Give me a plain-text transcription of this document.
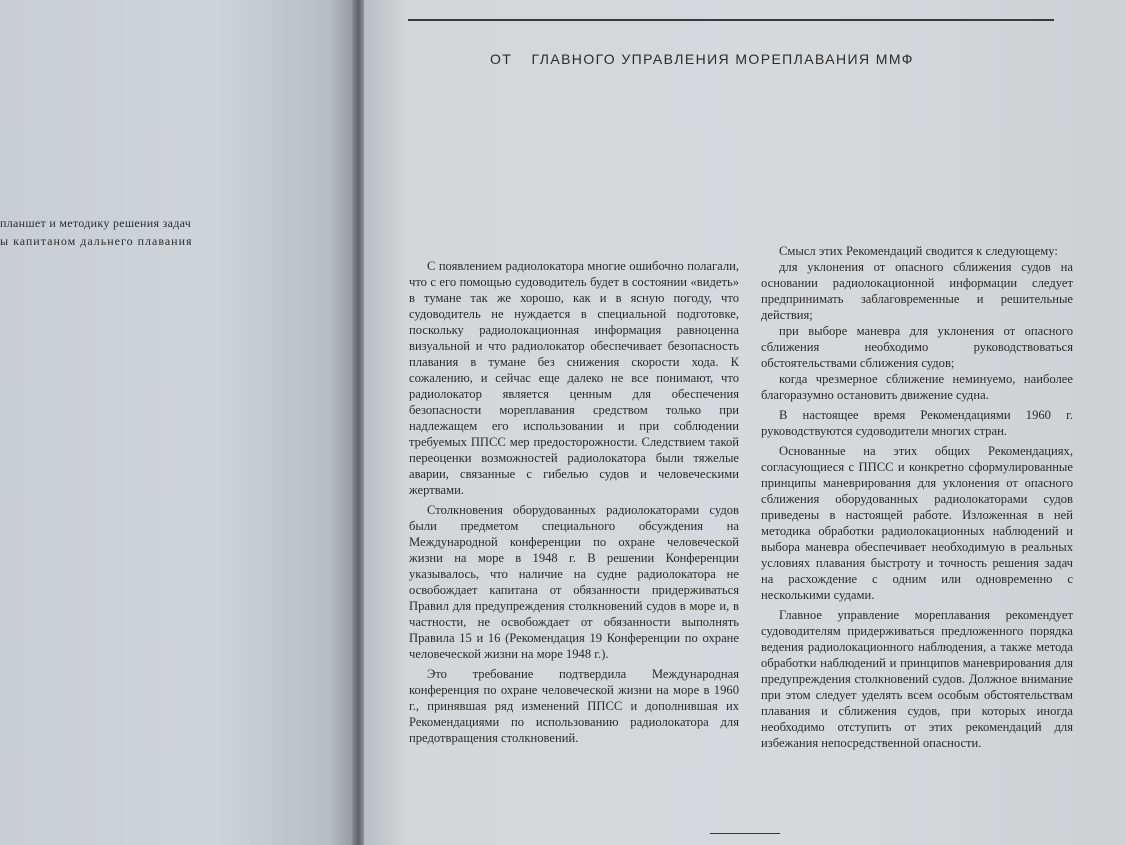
планшет и методику решения задач
ы капитаном дальнего плавания
ОТ ГЛАВНОГО УПРАВЛЕНИЯ МОРЕПЛАВАНИЯ ММФ

С появлением радиолокатора многие ошибочно полагали, что с его помощью судоводитель будет в состоянии «видеть» в тумане так же хорошо, как и в ясную погоду, что судоводитель не нуждается в специальной подготовке, поскольку радиолокационная информация равноценна визуальной и что радиолокатор обеспечивает безопасность плавания в тумане без снижения скорости хода. К сожалению, и сейчас еще далеко не все понимают, что радиолокатор является ценным для обеспечения безопасности мореплавания средством только при надлежащем его использовании и при соблюдении требуемых ППСС мер предосторожности. Следствием такой переоценки возможностей радиолокатора были тяжелые аварии, связанные с гибелью судов и человеческими жертвами.

Столкновения оборудованных радиолокаторами судов были предметом специального обсуждения на Международной конференции по охране человеческой жизни на море в 1948 г. В решении Конференции указывалось, что наличие на судне радиолокатора не освобождает капитана от обязанности придерживаться Правил для предупреждения столкновений судов в море и, в частности, не освобождает от обязанности выполнять Правила 15 и 16 (Рекомендация 19 Конференции по охране человеческой жизни на море 1948 г.).

Это требование подтвердила Международная конференция по охране человеческой жизни на море в 1960 г., принявшая ряд изменений ППСС и дополнившая их Рекомендациями по использованию радиолокатора для предотвращения столкновений.

Смысл этих Рекомендаций сводится к следующему:

для уклонения от опасного сближения судов на основании радиолокационной информации следует предпринимать заблаговременные и решительные действия;

при выборе маневра для уклонения от опасного сближения необходимо руководствоваться обстоятельствами сближения судов;

когда чрезмерное сближение неминуемо, наиболее благоразумно остановить движение судна.

В настоящее время Рекомендациями 1960 г. руководствуются судоводители многих стран.

Основанные на этих общих Рекомендациях, согласующиеся с ППСС и конкретно сформулированные принципы маневрирования для уклонения от опасного сближения оборудованных радиолокаторами судов приведены в настоящей работе. Изложенная в ней методика обработки радиолокационных наблюдений и выбора маневра обеспечивает необходимую в реальных условиях плавания быстроту и точность решения задач на расхождение с одним или одновременно с несколькими судами.

Главное управление мореплавания рекомендует судоводителям придерживаться предложенного порядка ведения радиолокационного наблюдения, а также метода обработки наблюдений и принципов маневрирования для предупреждения столкновений судов. Должное внимание при этом следует уделять всем особым обстоятельствам плавания и сближения судов, при которых иногда необходимо отступить от этих рекомендаций для избежания непосредственной опасности.
